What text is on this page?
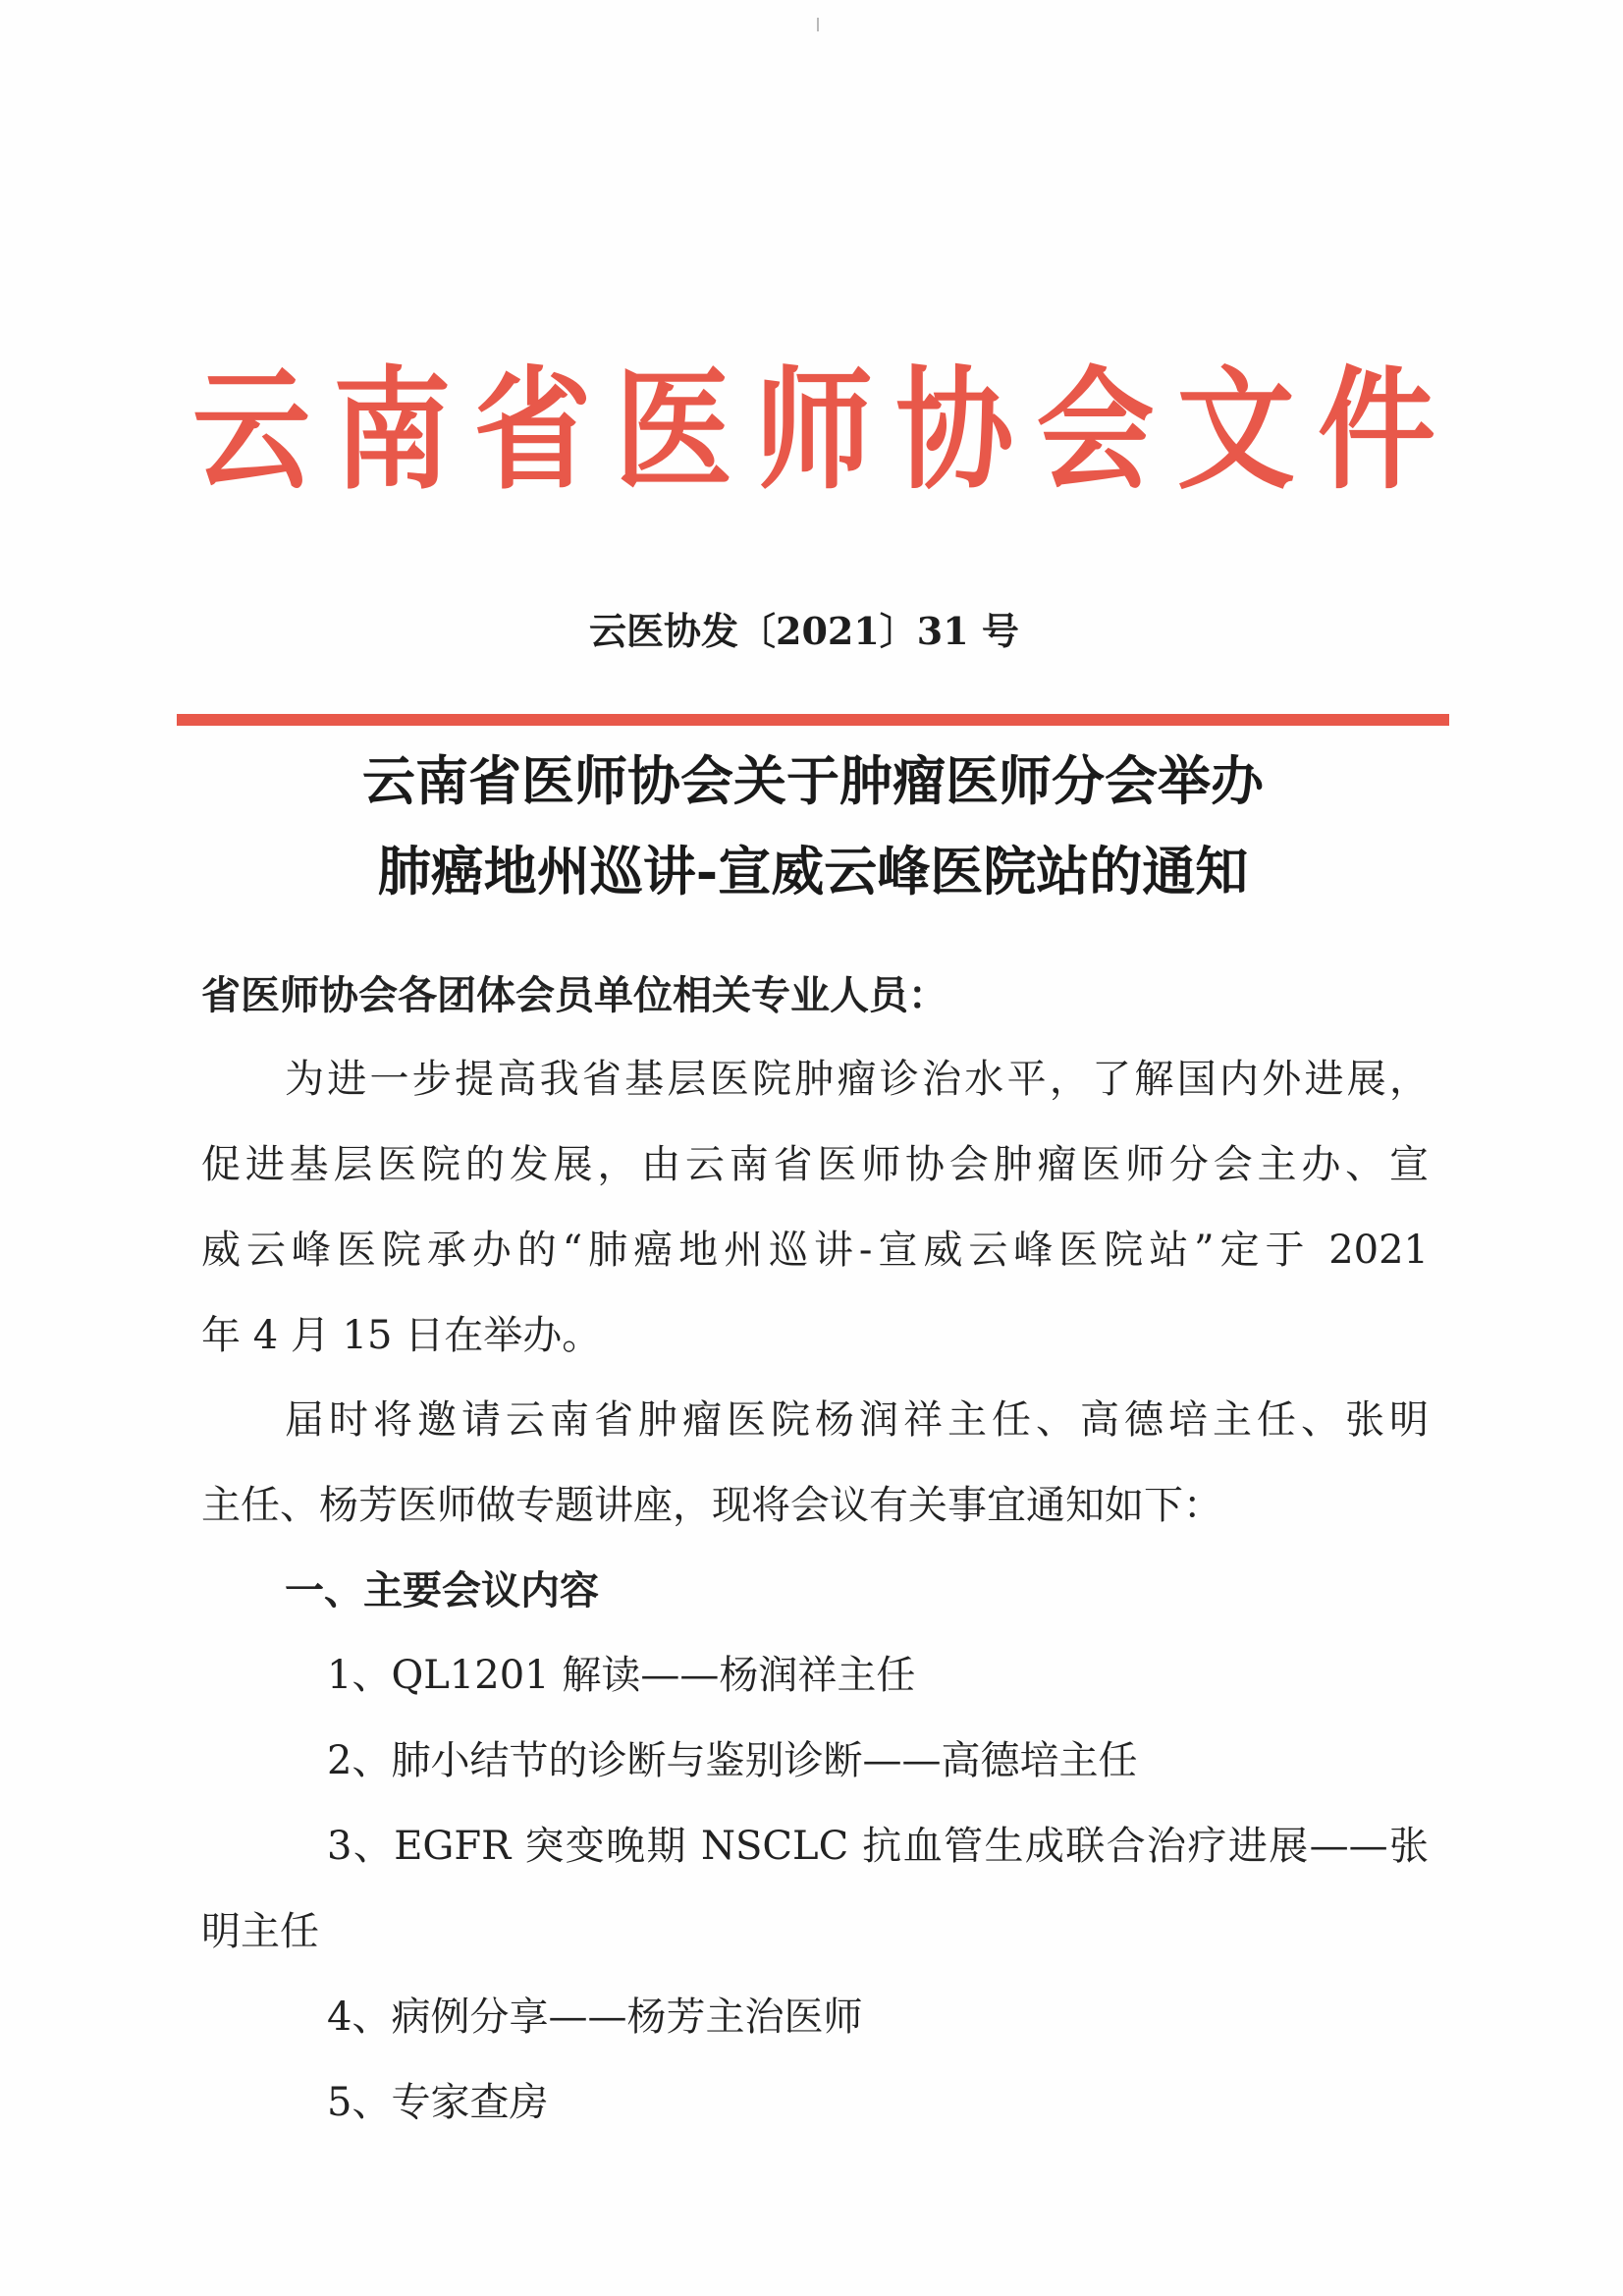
云南省医师协会文件
云医协发〔2021〕31 号
云南省医师协会关于肿瘤医师分会举办
肺癌地州巡讲-宣威云峰医院站的通知
省医师协会各团体会员单位相关专业人员：
为进一步提高我省基层医院肿瘤诊治水平，了解国内外进展，
促进基层医院的发展，由云南省医师协会肿瘤医师分会主办、宣
威云峰医院承办的“肺癌地州巡讲-宣威云峰医院站”定于 2021
年 4 月 15 日在举办。
届时将邀请云南省肿瘤医院杨润祥主任、高德培主任、张明
主任、杨芳医师做专题讲座，现将会议有关事宜通知如下：
一、主要会议内容
1、QL1201 解读——杨润祥主任
2、肺小结节的诊断与鉴别诊断——高德培主任
3、EGFR 突变晚期 NSCLC 抗血管生成联合治疗进展——张
明主任
4、病例分享——杨芳主治医师
5、专家查房
